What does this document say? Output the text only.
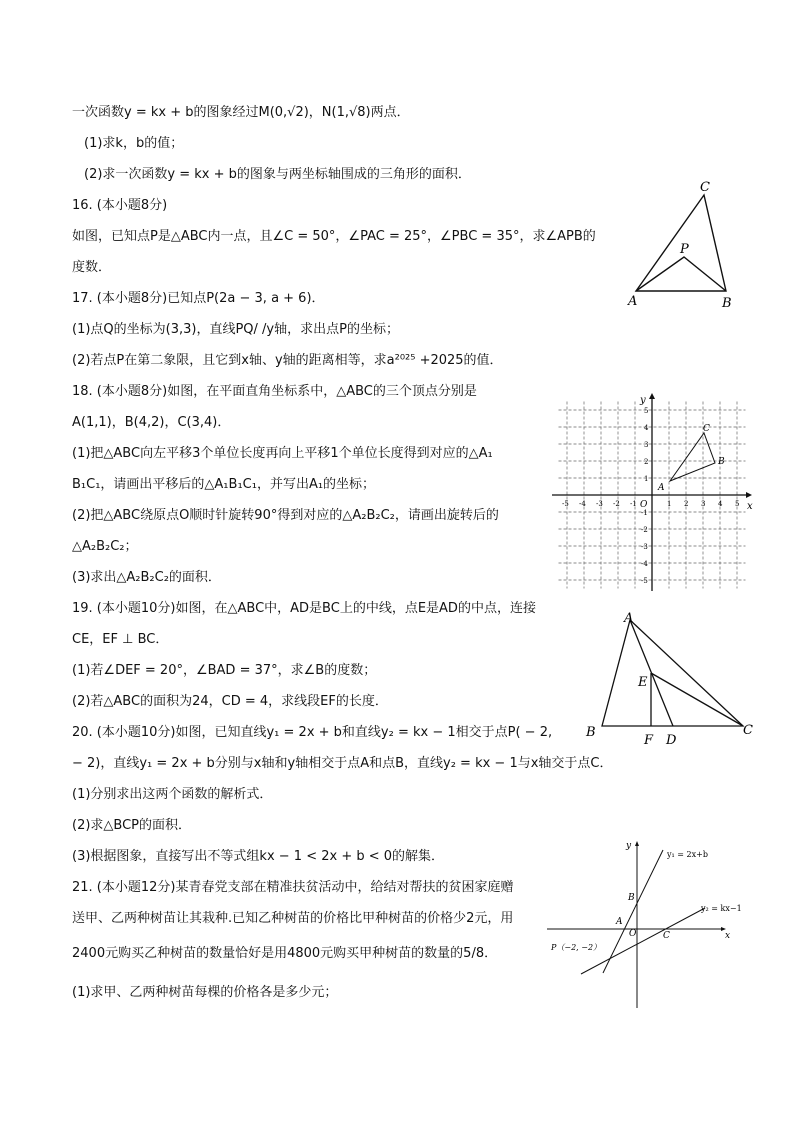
一次函数y = kx + b的图象经过M(0,√2)，N(1,√8)两点．
(1)求k，b的值；
(2)求一次函数y = kx + b的图象与两坐标轴围成的三角形的面积．
16. (本小题8分)
如图，已知点P是△ABC内一点，且∠C = 50°，∠PAC = 25°，∠PBC = 35°，求∠APB的
度数．
17. (本小题8分)已知点P(2a − 3, a + 6)．
(1)点Q的坐标为(3,3)，直线PQ/ /y轴，求出点P的坐标；
(2)若点P在第二象限，且它到x轴、y轴的距离相等，求a²⁰²⁵ +2025的值．
18. (本小题8分)如图，在平面直角坐标系中，△ABC的三个顶点分别是
A(1,1)，B(4,2)，C(3,4)．
(1)把△ABC向左平移3个单位长度再向上平移1个单位长度得到对应的△A₁
B₁C₁，请画出平移后的△A₁B₁C₁，并写出A₁的坐标；
(2)把△ABC绕原点O顺时针旋转90°得到对应的△A₂B₂C₂，请画出旋转后的
△A₂B₂C₂；
(3)求出△A₂B₂C₂的面积．
19. (本小题10分)如图，在△ABC中，AD是BC上的中线，点E是AD的中点，连接
CE，EF ⊥ BC．
(1)若∠DEF = 20°，∠BAD = 37°，求∠B的度数；
(2)若△ABC的面积为24，CD = 4，求线段EF的长度．
20. (本小题10分)如图，已知直线y₁ = 2x + b和直线y₂ = kx − 1相交于点P( − 2,
− 2)，直线y₁ = 2x + b分别与x轴和y轴相交于点A和点B，直线y₂ = kx − 1与x轴交于点C．
(1)分别求出这两个函数的解析式．
(2)求△BCP的面积．
(3)根据图象，直接写出不等式组kx − 1 < 2x + b < 0的解集．
21. (本小题12分)某青春党支部在精准扶贫活动中，给结对帮扶的贫困家庭赠
送甲、乙两种树苗让其栽种.已知乙种树苗的价格比甲种树苗的价格少2元，用
2400元购买乙种树苗的数量恰好是用4800元购买甲种树苗的数量的5/8．
(1)求甲、乙两种树苗每棵的价格各是多少元；
A	B
C
P
-5 -4 -3 -2 -1	1 2 3 4 5
5
4
3
2
1
-1
-2
-3
-4
-5
x
y
O
A
B
C
A
B	C
D
E
F
x
y
O
y₁ = 2x+b
y₂ = kx−1
A
B
C
P（−2, −2）
